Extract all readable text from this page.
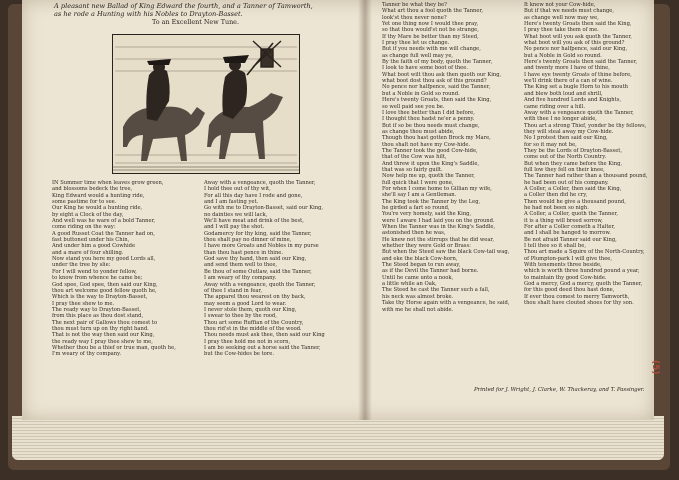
A pleasant new Ballad of King Edward the fourth, and a Tanner of Tamworth,
as he rode a Hunting with his Nobles to Drayton-Basset.
To an Excellent New Tune.
IN Summer time when leaves grow green,
and blossoms bedeck the tree,
King Edward would a hunting ride,
some pastime for to see.
Our King he would a hunting ride,
by eight a Clock of the day,
And well was he ware of a bold Tanner,
come riding on the way:
A good Russet Coat the Tanner had on,
fast buttoned under his Chin,
And under him a good Cowhide
and a mare of four shilling.
Now stand you here my good Lords all,
under the tree by slie:
For I will wend to yonder fellow,
to know from whence he came be;
God spee, God spee, then said our King,
thou art welcome good fellow quoth he,
Which is the way to Drayton-Basset,
I pray thee shew to me.
The ready way to Drayton-Basset,
from this place as thou dost stand,
The next pair of Gallows thou comest to
thou must turn up on thy right hand.
That is not the way then said our King,
the ready way I pray thee shew to me,
Whether thou be a thief or true man, quoth he,
I'm weary of thy company.
Away with a vengeance, quoth the Tanner,
I hold thee out of thy wit,
For all this day have I rode and gone,
and I am fasting yet.
Go with me to Drayton-Basset, said our King,
no dainties we will lack,
We'll have meat and drink of the best,
and I will pay the shot.
Godamercy for thy king, said the Tanner,
thou shalt pay no dinner of mine,
I have more Groats and Nobles in my purse
than thou hast pence in thine.
God save thy hand, then said our King,
and send them well to thee,
Be thou of some Outlaw, said the Tanner,
I am weary of thy company.
Away with a vengeance, quoth the Tanner,
of thee I stand in fear,
The apparel thou wearest on thy back,
may seem a good Lord to wear.
I never stole them, quoth our King,
I swear to thee by the rood,
Thou art some Ruffian of the Country,
thou rid'st in the middle of the wood.
Thou needs must ask thee, then said our King
I pray thee hold me not in scorn,
I am bo seeking out a horse said the Tanner,
but the Cow-hides be tore.
Tanner be what they be?
What art thou a fool quoth the Tanner,
look'st thou never none?
Yet one thing now I would thee pray,
so that thou would'st not be strange,
If thy Mare be better than my Steed,
I pray thee let us change.
But if you needs with me will change,
as change full well may ye,
By the faith of my body, quoth the Tanner,
I look to have some boot of thee.
What boot wilt thou ask then quoth our King,
what boot dost thou ask of this ground?
No pence nor halfpence, said the Tanner,
but a Noble in Gold so round.
Here's twenty Groats, then said the King,
so well paid see you be.
I love thee better than I did before,
I thought thou hadst ne'er a penny.
But if so be thou needs must change,
as change thou must abide,
Though thou hast gotten Brock my Mare,
thou shalt not have my Cow-hide.
The Tanner took the good Cow-hide,
that of the Cow was hilt,
And threw it upon the King's Saddle,
that was so fairly guilt.
Now help me up, quoth the Tanner,
full quick that I were gone,
For when I come home to Gillian my wife,
she'll say I am a Gentleman.
The King took the Tanner by the Leg,
he girded a fart so round,
You're very homely, said the King,
were I aware I had laid you on the ground.
When the Tanner was in the King's Saddle,
astonished then he was,
He knew not the stirrups that he did wear,
whether they were Gold or Brass:
But when the Steed saw the black Cow-tail wag,
and eke the black Cow-horn,
The Steed began to run away,
as if the Devil the Tanner had borne.
Until he came unto a nook,
a little while an Oak,
The Steed he cast the Tanner such a fall,
his neck was almost broke.
Take thy Horse again with a vengeance, he said,
with me he shall not abide.
It knew not your Cow-hide,
But if that we needs must change,
as change well now may we,
Here's twenty Groats then said the King,
I pray thee take them of me.
What boot will you ask quoth the Tanner,
what boot will you ask of this ground?
No pence nor halfpence, said our King,
but a Noble in Gold so round.
Here's twenty Groats then said the Tanner,
and twenty more I have of thine,
I have eye twenty Groats of thine before,
we'll drink there of a can of wine.
The King set a bugle Horn to his mouth
and blew both loud and shrill,
And five hundred Lords and Knights,
came riding over a hill.
Away with a vengeance quoth the Tanner,
with thee I no longer abide,
Thou art a strong Thief, yonder be thy fellows,
they will steal away my Cow-hide.
No I protest then said our King,
for so it may not be,
They be the Lords of Drayton-Basset,
come out of the North Country.
But when they came before the King,
full low they fell on their knee,
The Tanner had rather than a thousand pound,
he had been out of his company.
A Coller, a Coller, then said the King,
a Coller then did he cry,
Then would he give a thousand pound,
he had not been so nigh.
A Coller, a Coller, quoth the Tanner,
it is a thing will breed sorrow,
For after a Coller cometh a Halter,
and I shall be hanged to morrow.
Be not afraid Tanner said our King,
I tell thee so it shall be,
Thou art made a Squire of the North-Country,
of Plumpton-park I will give thee,
With tenements three beside,
which is worth three hundred pound a year,
to maintain thy good Cow-hide.
God a mercy, God a mercy, quoth the Tanner,
for this good deed thou hast done,
If ever thou comest to merry Tamworth,
thou shalt have clouted shoes for thy son.
Printed for J. Wright, J. Clarke, W. Thackeray, and T. Passinger.
(5)
